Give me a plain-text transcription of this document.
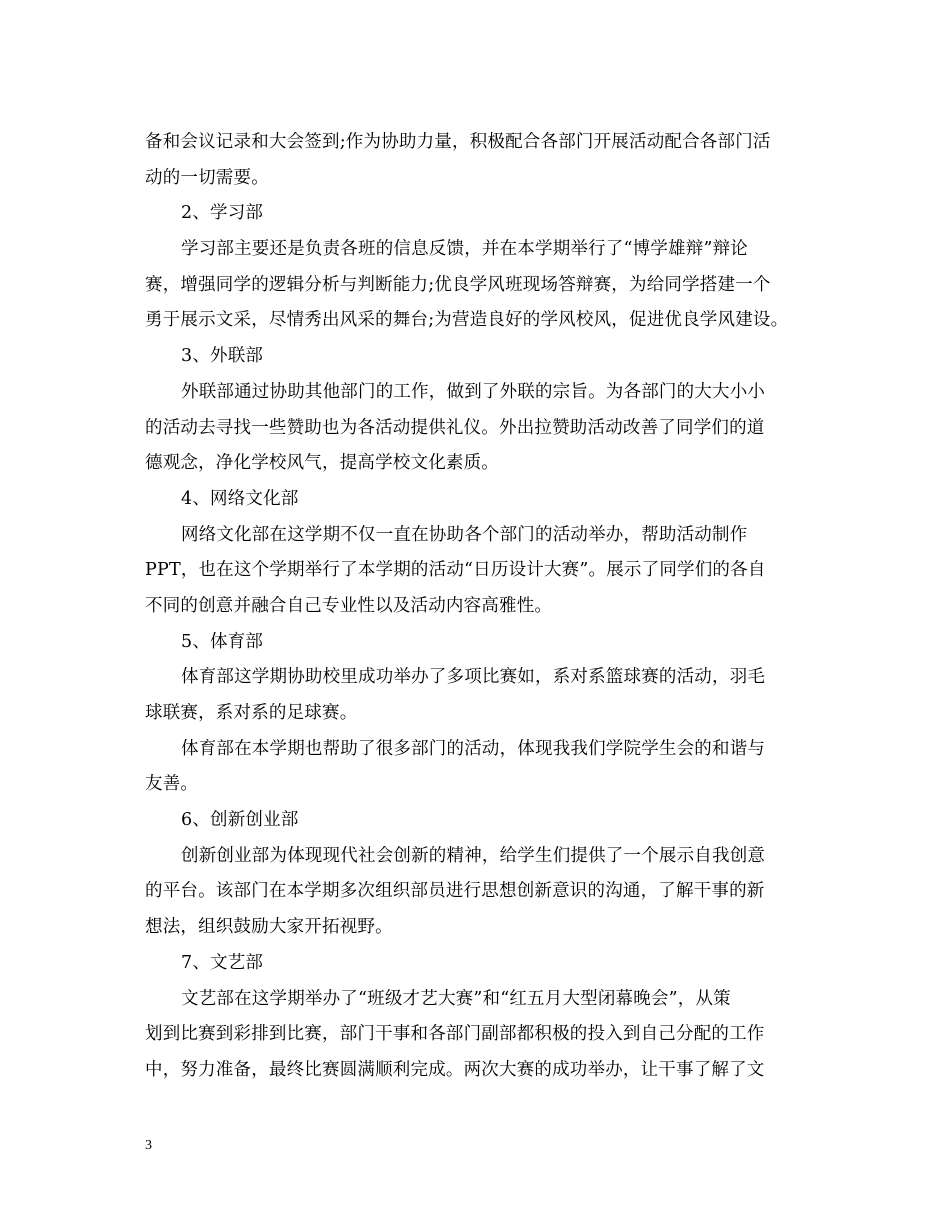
备和会议记录和大会签到;作为协助力量，积极配合各部门开展活动配合各部门活
动的一切需要。
2、学习部
学习部主要还是负责各班的信息反馈，并在本学期举行了“博学雄辩”辩论
赛，增强同学的逻辑分析与判断能力;优良学风班现场答辩赛，为给同学搭建一个
勇于展示文采，尽情秀出风采的舞台;为营造良好的学风校风，促进优良学风建设。
3、外联部
外联部通过协助其他部门的工作，做到了外联的宗旨。为各部门的大大小小
的活动去寻找一些赞助也为各活动提供礼仪。外出拉赞助活动改善了同学们的道
德观念，净化学校风气，提高学校文化素质。
4、网络文化部
网络文化部在这学期不仅一直在协助各个部门的活动举办，帮助活动制作
PPT，也在这个学期举行了本学期的活动“日历设计大赛”。展示了同学们的各自
不同的创意并融合自己专业性以及活动内容高雅性。
5、体育部
体育部这学期协助校里成功举办了多项比赛如，系对系篮球赛的活动，羽毛
球联赛，系对系的足球赛。
体育部在本学期也帮助了很多部门的活动，体现我我们学院学生会的和谐与
友善。
6、创新创业部
创新创业部为体现现代社会创新的精神，给学生们提供了一个展示自我创意
的平台。该部门在本学期多次组织部员进行思想创新意识的沟通，了解干事的新
想法，组织鼓励大家开拓视野。
7、文艺部
文艺部在这学期举办了“班级才艺大赛”和“红五月大型闭幕晚会”，从策
划到比赛到彩排到比赛，部门干事和各部门副部都积极的投入到自己分配的工作
中，努力准备，最终比赛圆满顺利完成。两次大赛的成功举办，让干事了解了文
3
